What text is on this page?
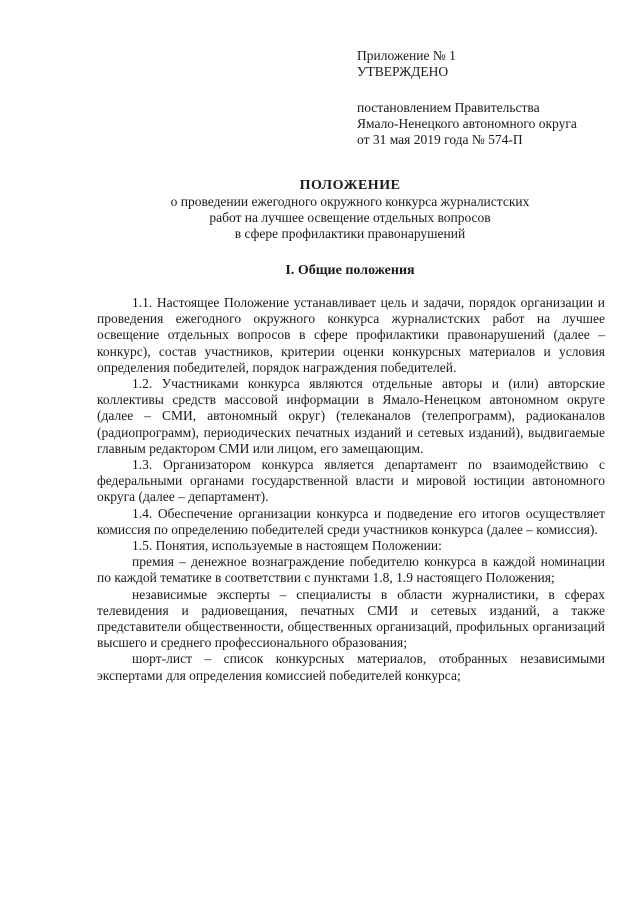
Приложение № 1
УТВЕРЖДЕНО
постановлением Правительства
Ямало-Ненецкого автономного округа
от 31 мая 2019 года № 574-П
ПОЛОЖЕНИЕ
о проведении ежегодного окружного конкурса журналистских
работ на лучшее освещение отдельных вопросов
в сфере профилактики правонарушений
I. Общие положения

1.1. Настоящее Положение устанавливает цель и задачи, порядок организации и проведения ежегодного окружного конкурса журналистских работ на лучшее освещение отдельных вопросов в сфере профилактики правонарушений (далее – конкурс), состав участников, критерии оценки конкурсных материалов и условия определения победителей, порядок награждения победителей.

1.2. Участниками конкурса являются отдельные авторы и (или) авторские коллективы средств массовой информации в Ямало-Ненецком автономном округе (далее – СМИ, автономный округ) (телеканалов (телепрограмм), радиоканалов (радиопрограмм), периодических печатных изданий и сетевых изданий), выдвигаемые главным редактором СМИ или лицом, его замещающим.

1.3. Организатором конкурса является департамент по взаимодействию с федеральными органами государственной власти и мировой юстиции автономного округа (далее – департамент).

1.4. Обеспечение организации конкурса и подведение его итогов осуществляет комиссия по определению победителей среди участников конкурса (далее – комиссия).

1.5. Понятия, используемые в настоящем Положении:

премия – денежное вознаграждение победителю конкурса в каждой номинации по каждой тематике в соответствии с пунктами 1.8, 1.9 настоящего Положения;

независимые эксперты – специалисты в области журналистики, в сферах телевидения и радиовещания, печатных СМИ и сетевых изданий, а также представители общественности, общественных организаций, профильных организаций высшего и среднего профессионального образования;

шорт-лист – список конкурсных материалов, отобранных независимыми экспертами для определения комиссией победителей конкурса;
